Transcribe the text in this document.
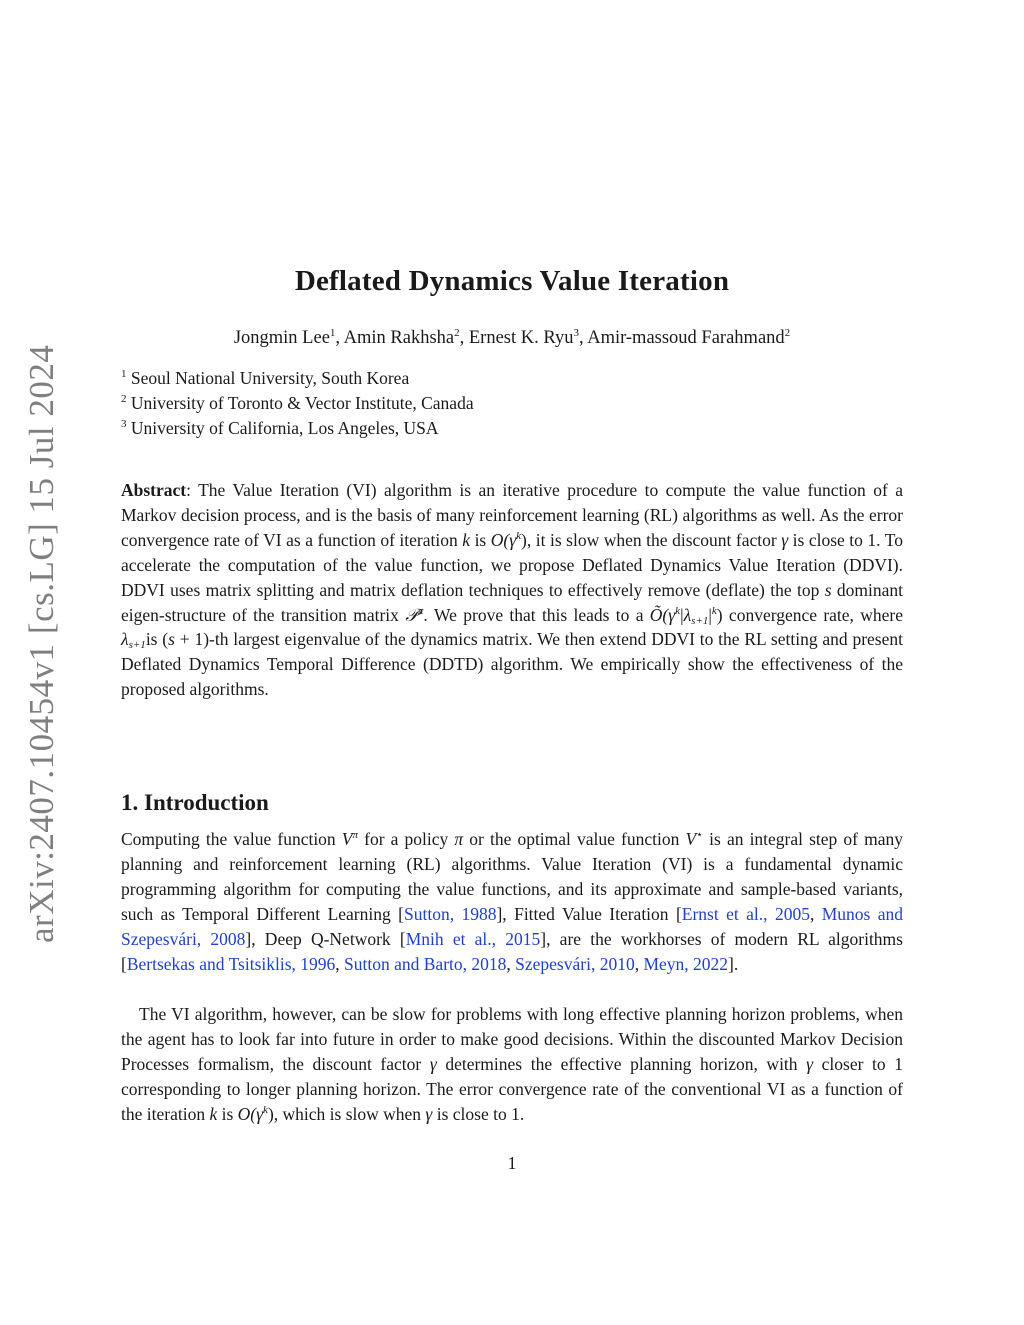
arXiv:2407.10454v1 [cs.LG] 15 Jul 2024
Deflated Dynamics Value Iteration
Jongmin Lee$^1$, Amin Rakhsha$^2$, Ernest K. Ryu$^3$, Amir-massoud Farahmand$^2$
$^1$ Seoul National University, South Korea
$^2$ University of Toronto & Vector Institute, Canada
$^3$ University of California, Los Angeles, USA
Abstract: The Value Iteration (VI) algorithm is an iterative procedure to compute the value function of a Markov decision process, and is the basis of many reinforcement learning (RL) algorithms as well. As the error convergence rate of VI as a function of iteration k is $O(\gamma^k)$, it is slow when the discount factor γ is close to 1. To accelerate the computation of the value function, we propose Deflated Dynamics Value Iteration (DDVI). DDVI uses matrix splitting and matrix deflation techniques to effectively remove (deflate) the top s dominant eigen-structure of the transition matrix 𝒫$^\pi$. We prove that this leads to a $Õ(\gamma^k|\lambda_{s+1}|^k)$ convergence rate, where $\lambda_{s+1}is$ (s + 1)-th largest eigenvalue of the dynamics matrix. We then extend DDVI to the RL setting and present Deflated Dynamics Temporal Difference (DDTD) algorithm. We empirically show the effectiveness of the proposed algorithms.
1. Introduction
Computing the value function $V^\pi$ for a policy π or the optimal value function V⋆ is an integral step of many planning and reinforcement learning (RL) algorithms. Value Iteration (VI) is a fundamental dynamic programming algorithm for computing the value functions, and its approximate and sample-based variants, such as Temporal Different Learning [Sutton, 1988], Fitted Value Iteration [Ernst et al., 2005, Munos and Szepesvári, 2008], Deep Q-Network [Mnih et al., 2015], are the workhorses of modern RL algorithms [Bertsekas and Tsitsiklis, 1996, Sutton and Barto, 2018, Szepesvári, 2010, Meyn, 2022].
The VI algorithm, however, can be slow for problems with long effective planning horizon problems, when the agent has to look far into future in order to make good decisions. Within the discounted Markov Decision Processes formalism, the discount factor γ determines the effective planning horizon, with γ closer to 1 corresponding to longer planning horizon. The error convergence rate of the conventional VI as a function of the iteration k is $O(\gamma^k)$, which is slow when γ is close to 1.
1
